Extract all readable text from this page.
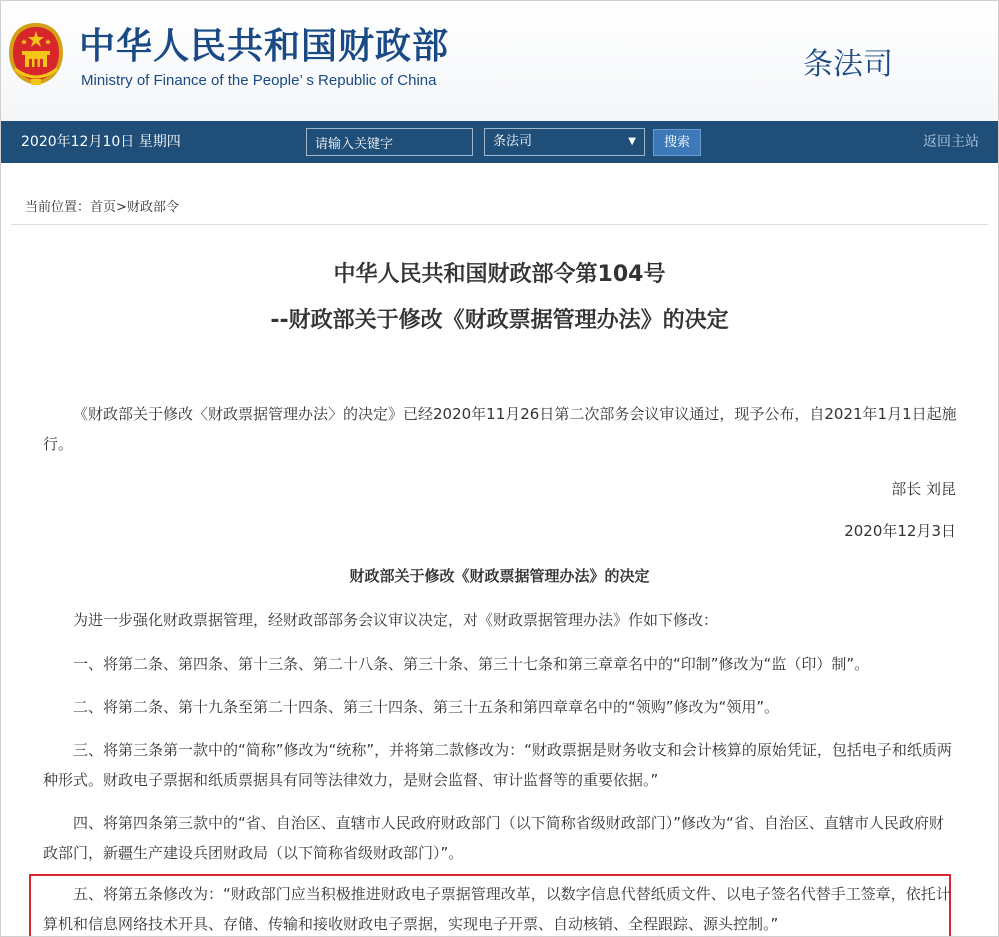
中华人民共和国财政部
Ministry of Finance of the People’ s Republic of China	条法司
2020年12月10日 星期四
请输入关键字	条法司	▼	搜索	返回主站
当前位置：首页>财政部令
中华人民共和国财政部令第104号
--财政部关于修改《财政票据管理办法》的决定
《财政部关于修改〈财政票据管理办法〉的决定》已经2020年11月26日第二次部务会议审议通过，现予公布，自2021年1月1日起施行。
部长 刘昆
2020年12月3日
财政部关于修改《财政票据管理办法》的决定
为进一步强化财政票据管理，经财政部部务会议审议决定，对《财政票据管理办法》作如下修改：
一、将第二条、第四条、第十三条、第二十八条、第三十条、第三十七条和第三章章名中的“印制”修改为“监（印）制”。
二、将第二条、第十九条至第二十四条、第三十四条、第三十五条和第四章章名中的“领购”修改为“领用”。
三、将第三条第一款中的“简称”修改为“统称”，并将第二款修改为：“财政票据是财务收支和会计核算的原始凭证，包括电子和纸质两种形式。财政电子票据和纸质票据具有同等法律效力，是财会监督、审计监督等的重要依据。”
四、将第四条第三款中的“省、自治区、直辖市人民政府财政部门（以下简称省级财政部门）”修改为“省、自治区、直辖市人民政府财政部门，新疆生产建设兵团财政局（以下简称省级财政部门）”。
五、将第五条修改为：“财政部门应当积极推进财政电子票据管理改革，以数字信息代替纸质文件、以电子签名代替手工签章，依托计算机和信息网络技术开具、存储、传输和接收财政电子票据，实现电子开票、自动核销、全程跟踪、源头控制。”
